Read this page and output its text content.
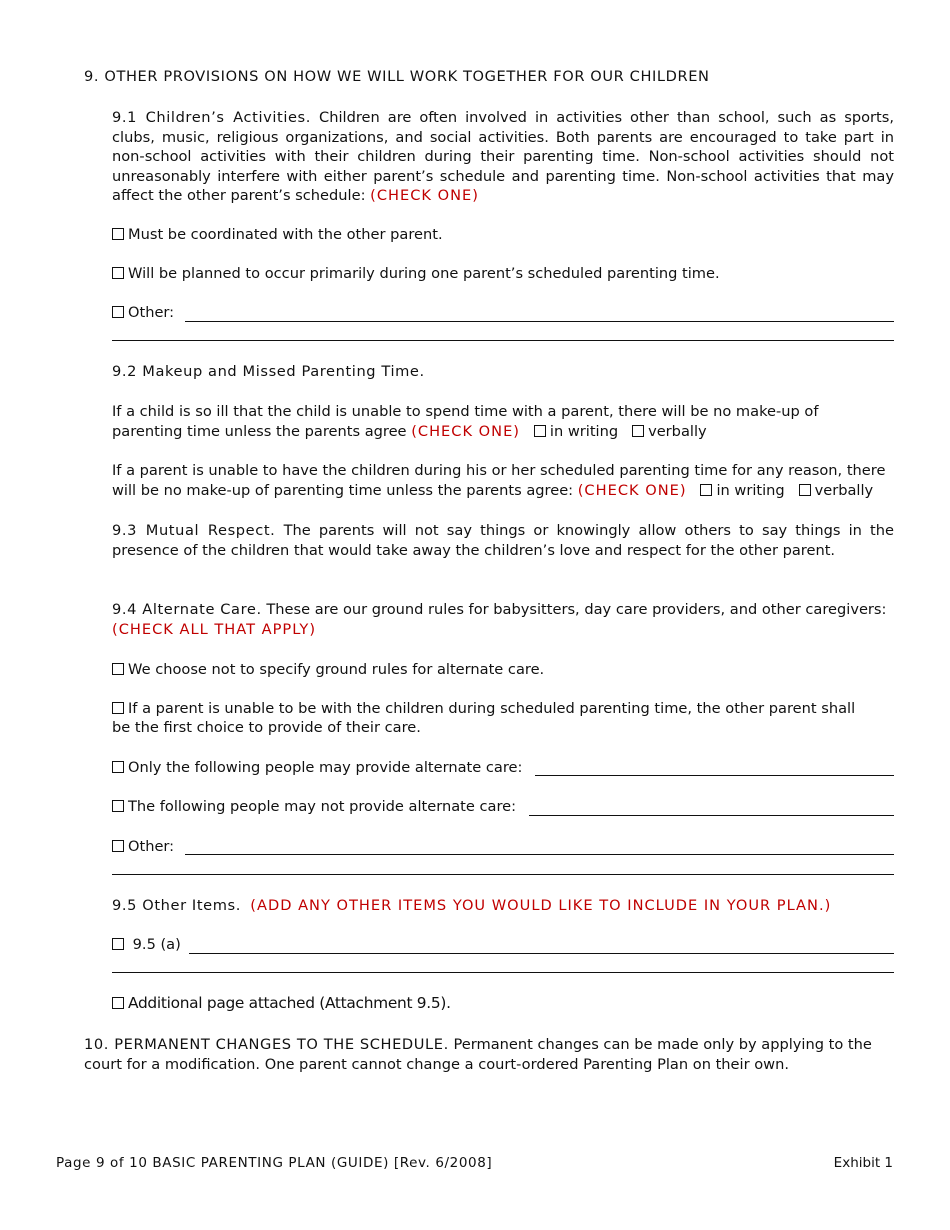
9. OTHER PROVISIONS ON HOW WE WILL WORK TOGETHER FOR OUR CHILDREN
9.1 Children’s Activities. Children are often involved in activities other than school, such as sports, clubs, music, religious organizations, and social activities. Both parents are encouraged to take part in non-school activities with their children during their parenting time. Non-school activities should not unreasonably interfere with either parent’s schedule and parenting time. Non-school activities that may affect the other parent’s schedule: (CHECK ONE)
Must be coordinated with the other parent.
Will be planned to occur primarily during one parent’s scheduled parenting time.
Other:
9.2 Makeup and Missed Parenting Time.
If a child is so ill that the child is unable to spend time with a parent, there will be no make-up of
parenting time unless the parents agree (CHECK ONE) in writing verbally
If a parent is unable to have the children during his or her scheduled parenting time for any reason, there
will be no make-up of parenting time unless the parents agree: (CHECK ONE) in writing verbally
9.3 Mutual Respect. The parents will not say things or knowingly allow others to say things in the presence of the children that would take away the children’s love and respect for the other parent.
9.4 Alternate Care. These are our ground rules for babysitters, day care providers, and other caregivers:
(CHECK ALL THAT APPLY)
We choose not to specify ground rules for alternate care.
If a parent is unable to be with the children during scheduled parenting time, the other parent shall
be the first choice to provide of their care.
Only the following people may provide alternate care:
The following people may not provide alternate care:
Other:
9.5 Other Items. (ADD ANY OTHER ITEMS YOU WOULD LIKE TO INCLUDE IN YOUR PLAN.)
9.5 (a)
Additional page attached (Attachment 9.5).
10. PERMANENT CHANGES TO THE SCHEDULE. Permanent changes can be made only by applying to the
court for a modification. One parent cannot change a court-ordered Parenting Plan on their own.
Page 9 of 10 BASIC PARENTING PLAN (GUIDE) [Rev. 6/2008]	Exhibit 1
